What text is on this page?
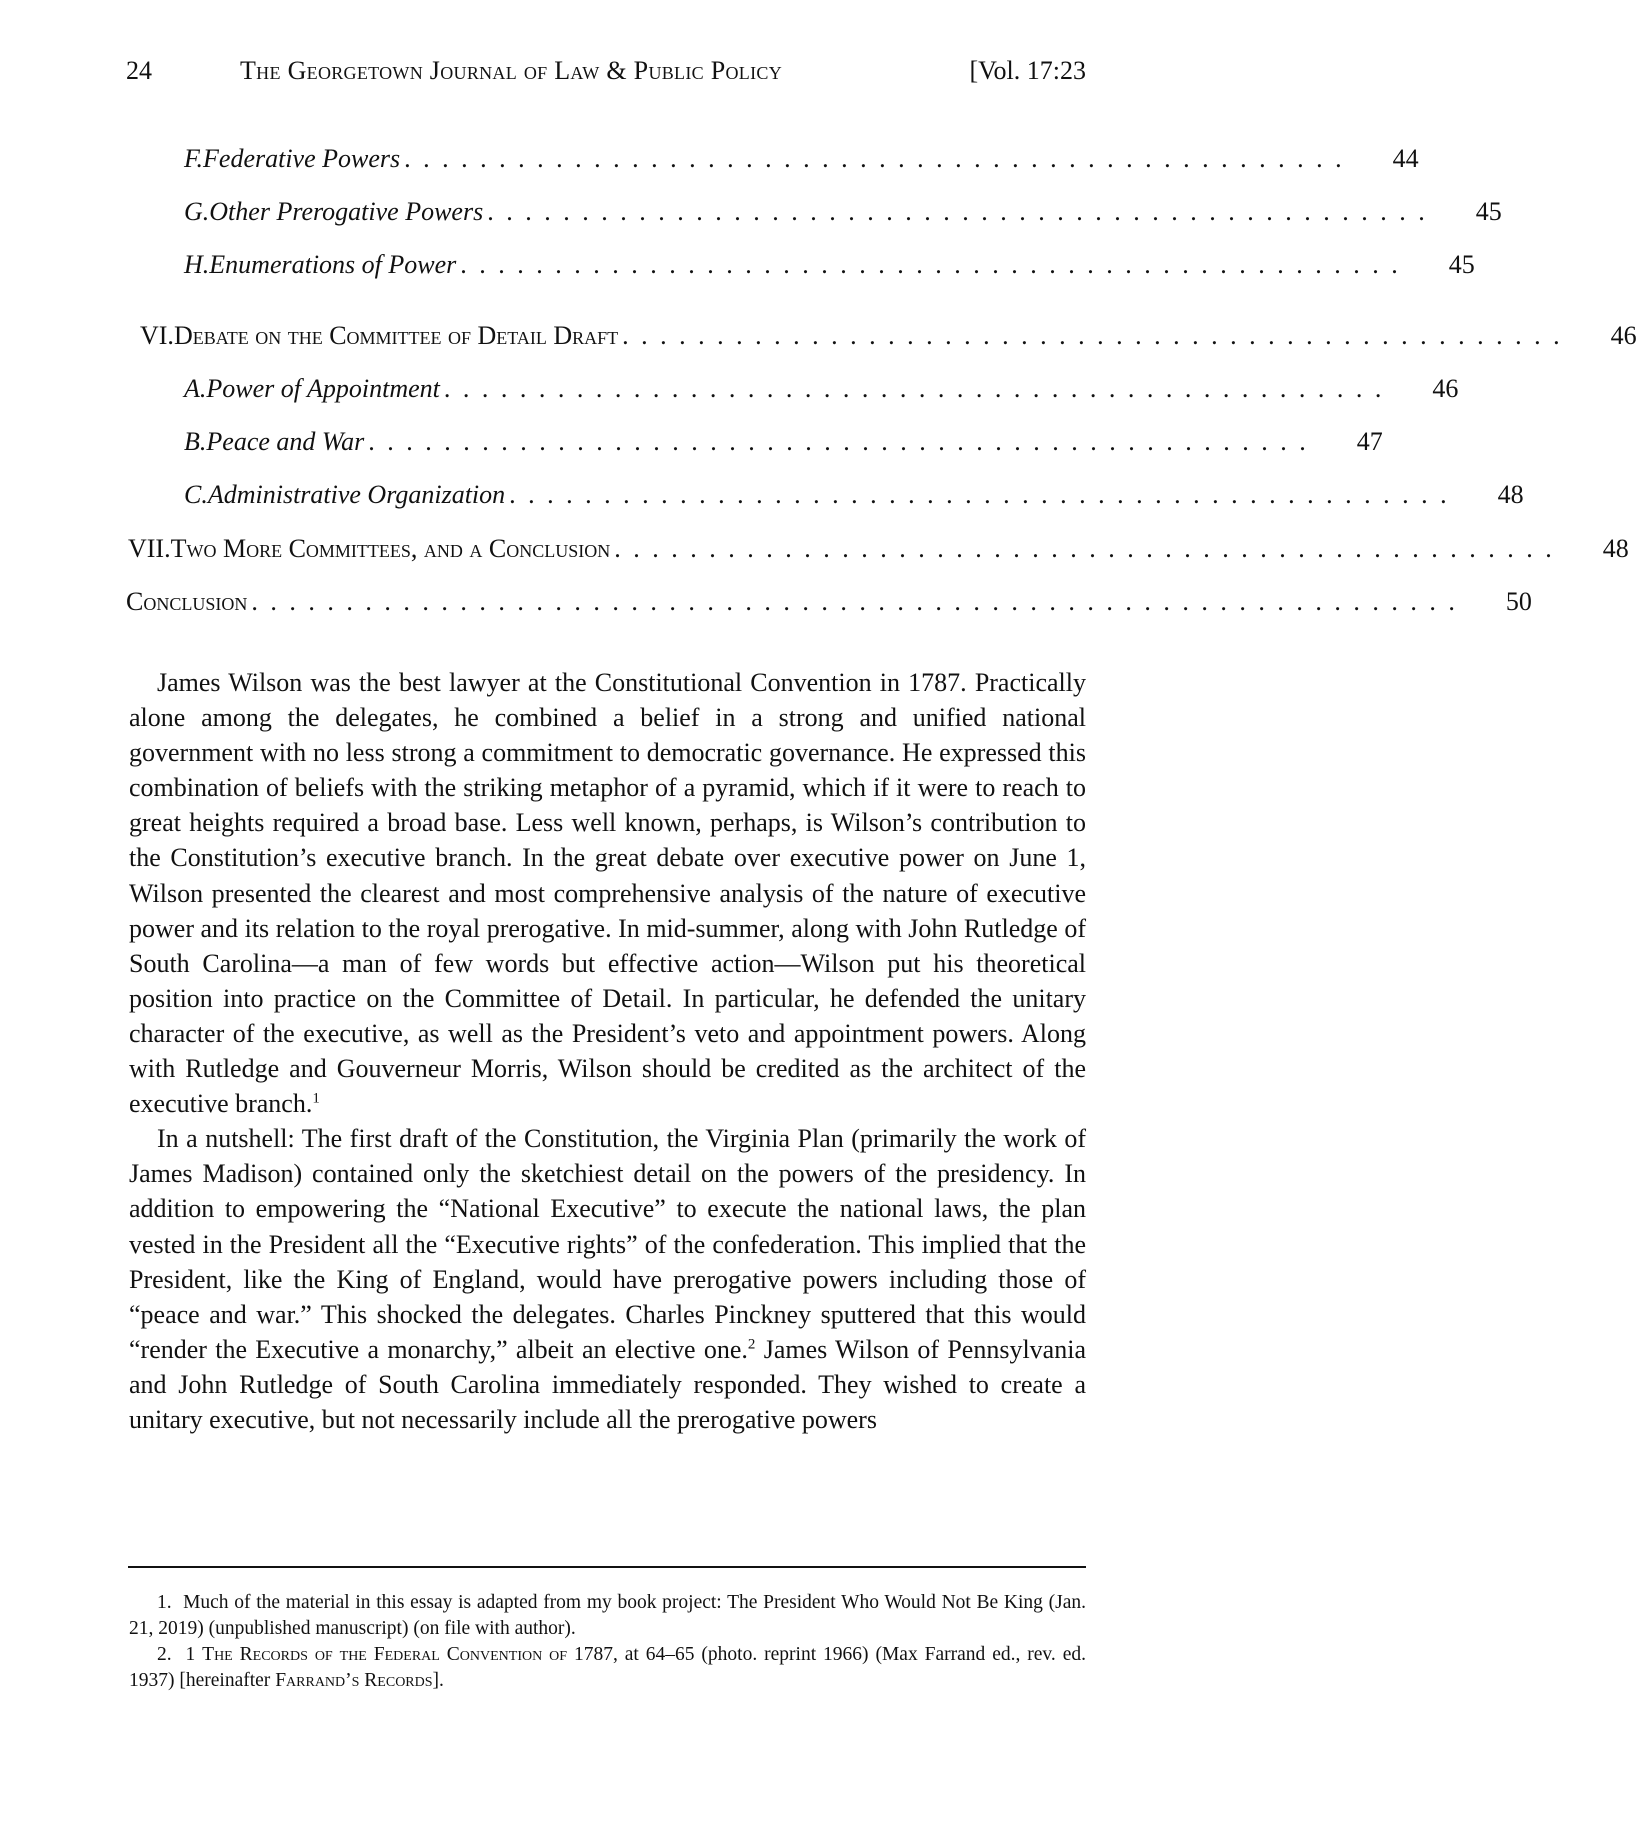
24	The Georgetown Journal of Law & Public Policy	[Vol. 17:23
F. Federative Powers . . . . . . . . . . . . . . . . . . . . . . . . . . . . . . . . . . . . . . . . . . . . . . . . . . 44
G. Other Prerogative Powers . . . . . . . . . . . . . . . . . . . . . . . . . . . . . . . . . . . . . . . . . . . . . . . . . . 45
H. Enumerations of Power . . . . . . . . . . . . . . . . . . . . . . . . . . . . . . . . . . . . . . . . . . . . . . . . . . 45
VI. Debate on the Committee of Detail Draft . . . . . . . . . . . . . . . . . . . . . . . . . . . . . . . . . . . . . . . . . . . . . . . . . . 46
A. Power of Appointment . . . . . . . . . . . . . . . . . . . . . . . . . . . . . . . . . . . . . . . . . . . . . . . . . . 46
B. Peace and War . . . . . . . . . . . . . . . . . . . . . . . . . . . . . . . . . . . . . . . . . . . . . . . . . . 47
C. Administrative Organization . . . . . . . . . . . . . . . . . . . . . . . . . . . . . . . . . . . . . . . . . . . . . . . . . . 48
VII. Two More Committees, and a Conclusion . . . . . . . . . . . . . . . . . . . . . . . . . . . . . . . . . . . . . . . . . . . . . . . . . . 48
Conclusion . . . . . . . . . . . . . . . . . . . . . . . . . . . . . . . . . . . . . . . . . . . . . . . . . . . . . . . . . . . . . . . . 50

James Wilson was the best lawyer at the Constitutional Convention in 1787. Practically alone among the delegates, he combined a belief in a strong and unified national government with no less strong a commitment to democratic governance. He expressed this combination of beliefs with the striking metaphor of a pyramid, which if it were to reach to great heights required a broad base. Less well known, perhaps, is Wilson’s contribution to the Constitution’s executive branch. In the great debate over executive power on June 1, Wilson presented the clearest and most comprehensive analysis of the nature of executive power and its relation to the royal prerogative. In mid-summer, along with John Rutledge of South Carolina—a man of few words but effective action—Wilson put his theoretical position into practice on the Committee of Detail. In particular, he defended the unitary character of the executive, as well as the President’s veto and appointment powers. Along with Rutledge and Gouverneur Morris, Wilson should be credited as the architect of the executive branch.$^1$

In a nutshell: The first draft of the Constitution, the Virginia Plan (primarily the work of James Madison) contained only the sketchiest detail on the powers of the presidency. In addition to empowering the “National Executive” to execute the national laws, the plan vested in the President all the “Executive rights” of the confederation. This implied that the President, like the King of England, would have prerogative powers including those of “peace and war.” This shocked the delegates. Charles Pinckney sputtered that this would “render the Executive a monarchy,” albeit an elective one.$^2$ James Wilson of Pennsylvania and John Rutledge of South Carolina immediately responded. They wished to create a unitary executive, but not necessarily include all the prerogative powers

1.  Much of the material in this essay is adapted from my book project: The President Who Would Not Be King (Jan. 21, 2019) (unpublished manuscript) (on file with author).

2.  1 The Records of the Federal Convention of 1787, at 64–65 (photo. reprint 1966) (Max Farrand ed., rev. ed. 1937) [hereinafter Farrand’s Records].
